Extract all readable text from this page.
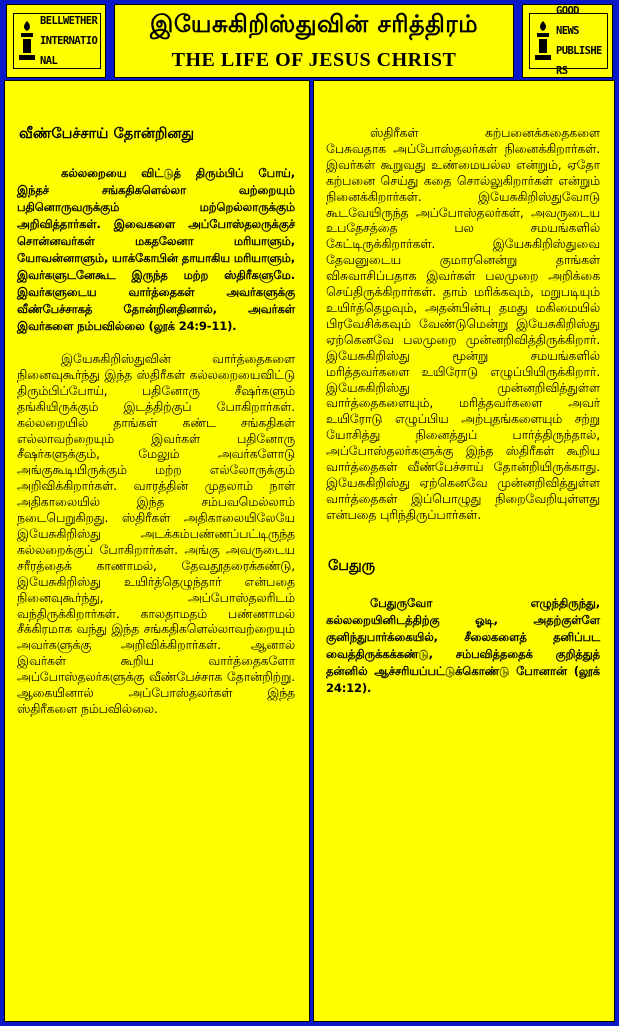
BELLWETHER
INTERNATIONAL
இயேசுகிறிஸ்துவின் சரித்திரம்
THE LIFE OF JESUS CHRIST
GOOD NEWS
PUBLISHERS
வீண்பேச்சாய் தோன்றினது

கல்லறையை விட்டுத் திரும்பிப் போய், இந்தச் சங்கதிகளெல்லா வற்றையும் பதினொருவருக்கும் மற்றெல்லாருக்கும் அறிவித்தார்கள். இவைகளை அப்போஸ்தலருக்குச் சொன்னவர்கள் மகதலேனா மரியாளும், யோவன்னாளும், யாக்கோபின் தாயாகிய மரியாளும், இவர்களுடனேகூட இருந்த மற்ற ஸ்திரீகளுமே. இவர்களுடைய வார்த்தைகள் அவர்களுக்கு வீண்பேச்சாகத் தோன்றினதினால், அவர்கள் இவர்களை நம்பவில்லை (லூக் 24:9-11).

இயேசுகிறிஸ்துவின் வார்த்தைகளை நினைவுகூர்ந்து இந்த ஸ்திரீகள் கல்லறையைவிட்டு திரும்பிப்போய், பதினோரு சீஷர்களும் தங்கியிருக்கும் இடத்திற்குப் போகிறார்கள். கல்லறையில் தாங்கள் கண்ட சங்கதிகள் எல்லாவற்றையும் இவர்கள் பதினோரு சீஷர்களுக்கும், மேலும் அவர்களோடு அங்குகூடியிருக்கும் மற்ற எல்லோருக்கும் அறிவிக்கிறார்கள். வாரத்தின் முதலாம் நாள் அதிகாலையில் இந்த சம்பவமெல்லாம் நடைபெறுகிறது. ஸ்திரீகள் அதிகாலையிலேயே இயேசுகிறிஸ்து அடக்கம்பண்ணப்பட்டிருந்த கல்லறைக்குப் போகிறார்கள். அங்கு அவருடைய சரீரத்தைக் காணாமல், தேவதூதரைக்கண்டு, இயேசுகிறிஸ்து உயிர்த்தெழுந்தார் என்பதை நினைவுகூர்ந்து, அப்போஸ்தலரிடம் வந்திருக்கிறார்கள். காலதாமதம் பண்ணாமல் சீக்கிரமாக வந்து இந்த சங்கதிகளெல்லாவற்றையும் அவர்களுக்கு அறிவிக்கிறார்கள். ஆனால் இவர்கள் கூறிய வார்த்தைகளோ அப்போஸ்தலர்களுக்கு வீண்பேச்சாக தோன்றிற்று. ஆகையினால் அப்போஸ்தலர்கள் இந்த ஸ்திரீகளை நம்பவில்லை.

ஸ்திரீகள் கற்பனைக்கதைகளை பேசுவதாக அப்போஸ்தலர்கள் நினைக்கிறார்கள். இவர்கள் கூறுவது உண்மையல்ல என்றும், ஏதோ கற்பனை செய்து கதை சொல்லுகிறார்கள் என்றும் நினைக்கிறார்கள். இயேசுகிறிஸ்துவோடு கூடவேயிருந்த அப்போஸ்தலர்கள், அவருடைய உபதேசத்தை பல சமயங்களில் கேட்டிருக்கிறார்கள். இயேசுகிறிஸ்துவை தேவனுடைய குமாரனென்று தாங்கள் விசுவாசிப்பதாக இவர்கள் பலமுறை அறிக்கை செய்திருக்கிறார்கள். தாம் மரிக்கவும், மறுபடியும் உயிர்த்தெழவும், அதன்பின்பு தமது மகிமையில் பிரவேசிக்கவும் வேண்டுமென்று இயேசுகிறிஸ்து ஏற்கெனவே பலமுறை முன்னறிவித்திருக்கிறார். இயேசுகிறிஸ்து மூன்று சமயங்களில் மரித்தவர்களை உயிரோடு எழுப்பியிருக்கிறார். இயேசுகிறிஸ்து முன்னறிவித்துள்ள வார்த்தைகளையும், மரித்தவர்களை அவர் உயிரோடு எழுப்பிய அற்புதங்களையும் சற்று யோசித்து நினைத்துப் பார்த்திருந்தால், அப்போஸ்தலர்களுக்கு இந்த ஸ்திரீகள் கூறிய வார்த்தைகள் வீண்பேச்சாய் தோன்றியிருக்காது. இயேசுகிறிஸ்து ஏற்கெனவே முன்னறிவித்துள்ள வார்த்தைகள் இப்பொழுது நிறைவேறியுள்ளது என்பதை புரிந்திருப்பார்கள்.

பேதுரு

பேதுருவோ எழுந்திருந்து, கல்லறையினிடத்திற்கு ஓடி, அதற்குள்ளே குனிந்துபார்க்கையில், சீலைகளைத் தனிப்பட வைத்திருக்கக்கண்டு, சம்பவித்ததைக் குறித்துத் தன்னில் ஆச்சரியப்பட்டுக்கொண்டு போனான் (லூக் 24:12).
